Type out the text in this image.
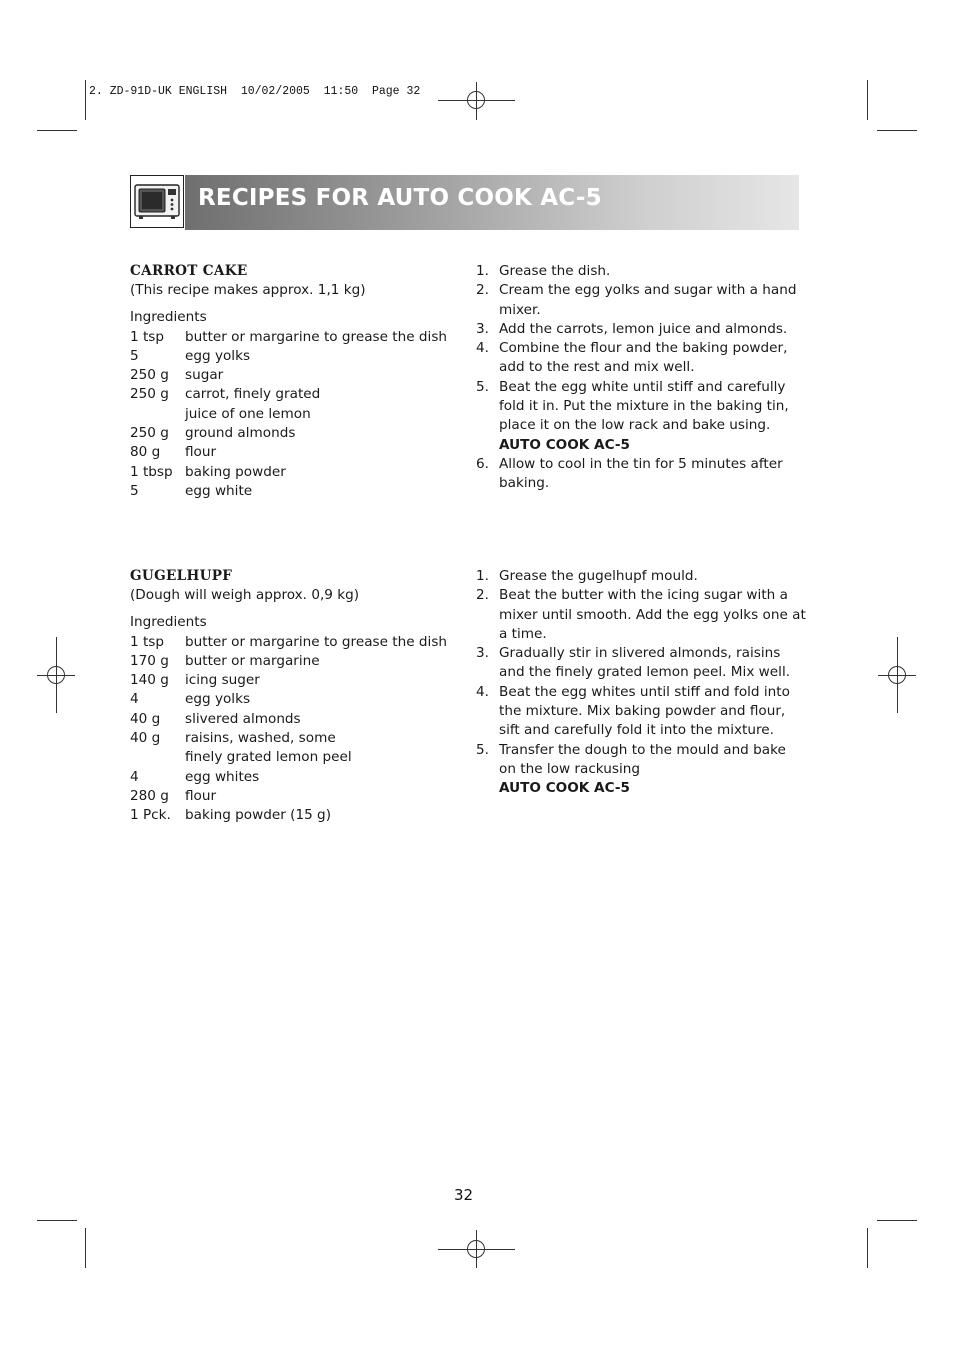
2. ZD-91D-UK ENGLISH  10/02/2005  11:50  Page 32
RECIPES FOR AUTO COOK AC-5
CARROT CAKE
(This recipe makes approx. 1,1 kg)
Ingredients
1 tsp	butter or margarine to grease the dish
5	egg yolks
250 g	sugar
250 g	carrot, finely grated
juice of one lemon
250 g	ground almonds
80 g	flour
1 tbsp baking powder
5	egg white
1. Grease the dish.
2. Cream the egg yolks and sugar with a hand mixer.
3. Add the carrots, lemon juice and almonds.
4. Combine the flour and the baking powder, add to the rest and mix well.
5. Beat the egg white until stiff and carefully fold it in. Put the mixture in the baking tin, place it on the low rack and bake using.
AUTO COOK AC-5
6. Allow to cool in the tin for 5 minutes after baking.
GUGELHUPF
(Dough will weigh approx. 0,9 kg)
Ingredients
1 tsp	butter or margarine to grease the dish
170 g	butter or margarine
140 g	icing suger
4	egg yolks
40 g	slivered almonds
40 g	raisins, washed, some finely grated lemon peel
4	egg whites
280 g	flour
1 Pck.	baking powder (15 g)
1. Grease the gugelhupf mould.
2. Beat the butter with the icing sugar with a mixer until smooth. Add the egg yolks one at a time.
3. Gradually stir in slivered almonds, raisins and the finely grated lemon peel. Mix well.
4. Beat the egg whites until stiff and fold into the mixture. Mix baking powder and flour, sift and carefully fold it into the mixture.
5. Transfer the dough to the mould and bake on the low rackusing
AUTO COOK AC-5
32
